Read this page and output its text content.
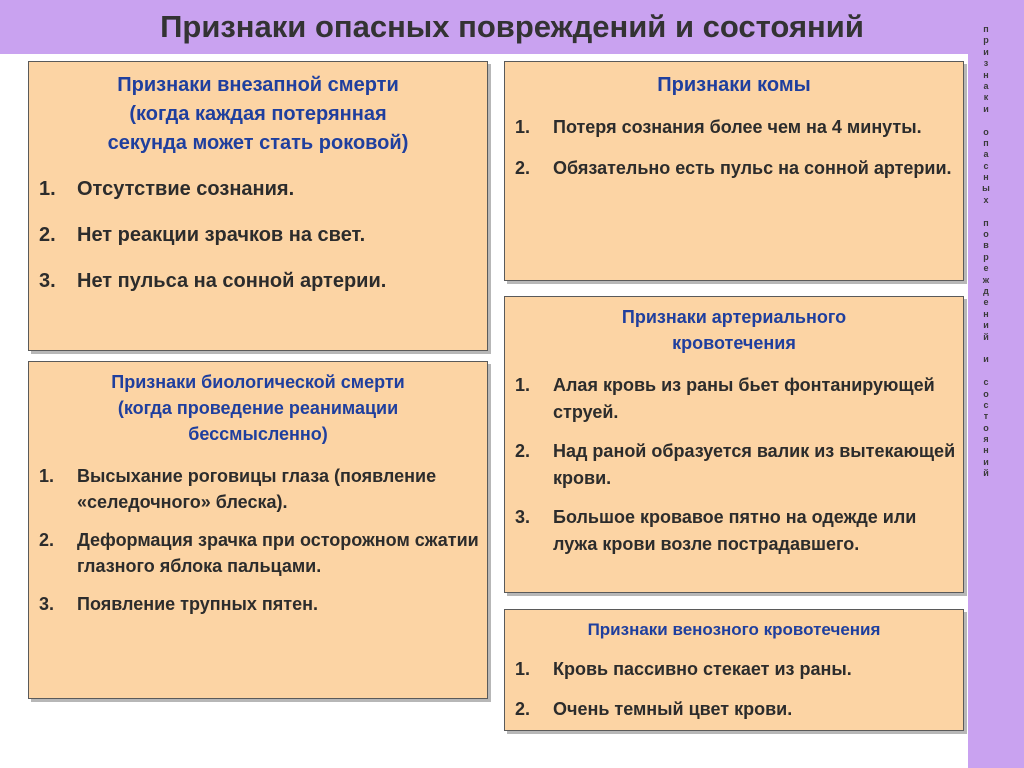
Признаки опасных повреждений и состояний	п
р
и
з
н
а
к
и

о
п
а
с
н
ы
х

п
о
в
р
е
ж
д
е
н
и
й

и

с
о
с
т
о
я
н
и
й
Признаки внезапной смерти
(когда каждая потерянная
секунда может стать роковой)
1.	Отсутствие сознания.
2.	Нет реакции зрачков на свет.
3.	Нет пульса на сонной артерии.
Признаки биологической смерти
(когда проведение реанимации
бессмысленно)
1.	Высыхание роговицы глаза (появление «селедочного» блеска).
2.	Деформация зрачка при осторожном сжатии глазного яблока пальцами.
3.	Появление трупных пятен.
Признаки комы
1.	Потеря сознания более чем на 4 минуты.
2.	Обязательно есть пульс на сонной артерии.
Признаки артериального
кровотечения
1.	Алая кровь из раны бьет фонтанирующей струей.
2.	Над раной образуется валик из вытекающей крови.
3.	Большое кровавое пятно на одежде или лужа крови возле пострадавшего.
Признаки венозного кровотечения
1.	Кровь пассивно стекает из раны.
2.	Очень темный цвет крови.
